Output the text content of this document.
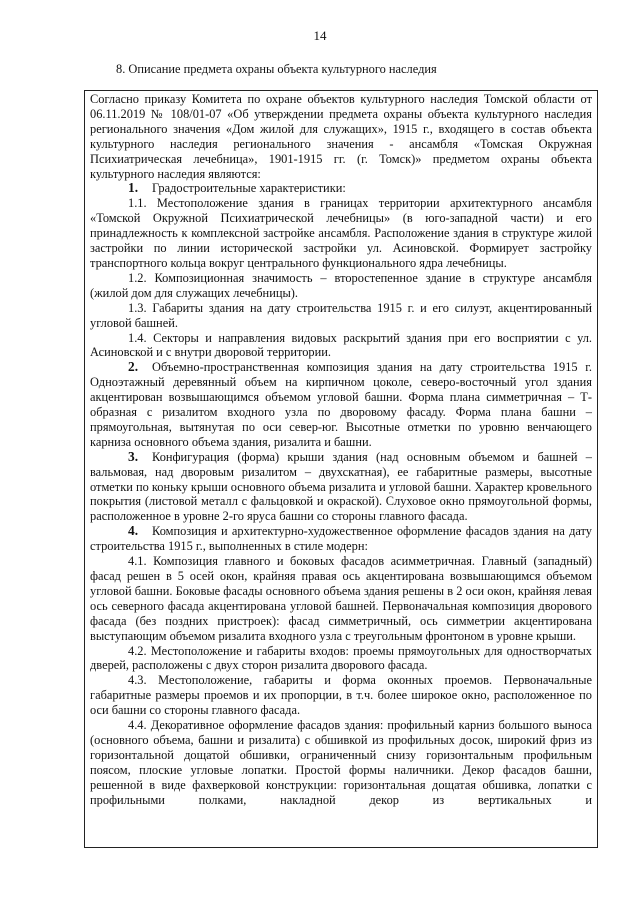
14
8. Описание предмета охраны объекта культурного наследия

Согласно приказу Комитета по охране объектов культурного наследия Томской области от 06.11.2019 № 108/01-07 «Об утверждении предмета охраны объекта культурного наследия регионального значения «Дом жилой для служащих», 1915 г., входящего в состав объекта культурного наследия регионального значения - ансамбля «Томская Окружная Психиатрическая лечебница», 1901-1915 гг. (г. Томск)» предметом охраны объекта культурного наследия являются:

1. Градостроительные характеристики:

1.1. Местоположение здания в границах территории архитектурного ансамбля «Томской Окружной Психиатрической лечебницы» (в юго-западной части) и его принадлежность к комплексной застройке ансамбля. Расположение здания в структуре жилой застройки по линии исторической застройки ул. Асиновской. Формирует застройку транспортного кольца вокруг центрального функционального ядра лечебницы.

1.2. Композиционная значимость – второстепенное здание в структуре ансамбля (жилой дом для служащих лечебницы).

1.3. Габариты здания на дату строительства 1915 г. и его силуэт, акцентированный угловой башней.

1.4. Секторы и направления видовых раскрытий здания при его восприятии с ул. Асиновской и с внутри дворовой территории.

2. Объемно-пространственная композиция здания на дату строительства 1915 г. Одноэтажный деревянный объем на кирпичном цоколе, северо-восточный угол здания акцентирован возвышающимся объемом угловой башни. Форма плана симметричная – Т-образная с ризалитом входного узла по дворовому фасаду. Форма плана башни – прямоугольная, вытянутая по оси север-юг. Высотные отметки по уровню венчающего карниза основного объема здания, ризалита и башни.

3. Конфигурация (форма) крыши здания (над основным объемом и башней – вальмовая, над дворовым ризалитом – двухскатная), ее габаритные размеры, высотные отметки по коньку крыши основного объема ризалита и угловой башни. Характер кровельного покрытия (листовой металл с фальцовкой и окраской). Слуховое окно прямоугольной формы, расположенное в уровне 2-го яруса башни со стороны главного фасада.

4. Композиция и архитектурно-художественное оформление фасадов здания на дату строительства 1915 г., выполненных в стиле модерн:

4.1. Композиция главного и боковых фасадов асимметричная. Главный (западный) фасад решен в 5 осей окон, крайняя правая ось акцентирована возвышающимся объемом угловой башни. Боковые фасады основного объема здания решены в 2 оси окон, крайняя левая ось северного фасада акцентирована угловой башней. Первоначальная композиция дворового фасада (без поздних пристроек): фасад симметричный, ось симметрии акцентирована выступающим объемом ризалита входного узла с треугольным фронтоном в уровне крыши.

4.2. Местоположение и габариты входов: проемы прямоугольных для одностворчатых дверей, расположены с двух сторон ризалита дворового фасада.

4.3. Местоположение, габариты и форма оконных проемов. Первоначальные габаритные размеры проемов и их пропорции, в т.ч. более широкое окно, расположенное по оси башни со стороны главного фасада.

4.4. Декоративное оформление фасадов здания: профильный карниз большого выноса (основного объема, башни и ризалита) с обшивкой из профильных досок, широкий фриз из горизонтальной дощатой обшивки, ограниченный снизу горизонтальным профильным поясом, плоские угловые лопатки. Простой формы наличники. Декор фасадов башни, решенной в виде фахверковой конструкции: горизонтальная дощатая обшивка, лопатки с профильными полками, накладной декор из вертикальных и
